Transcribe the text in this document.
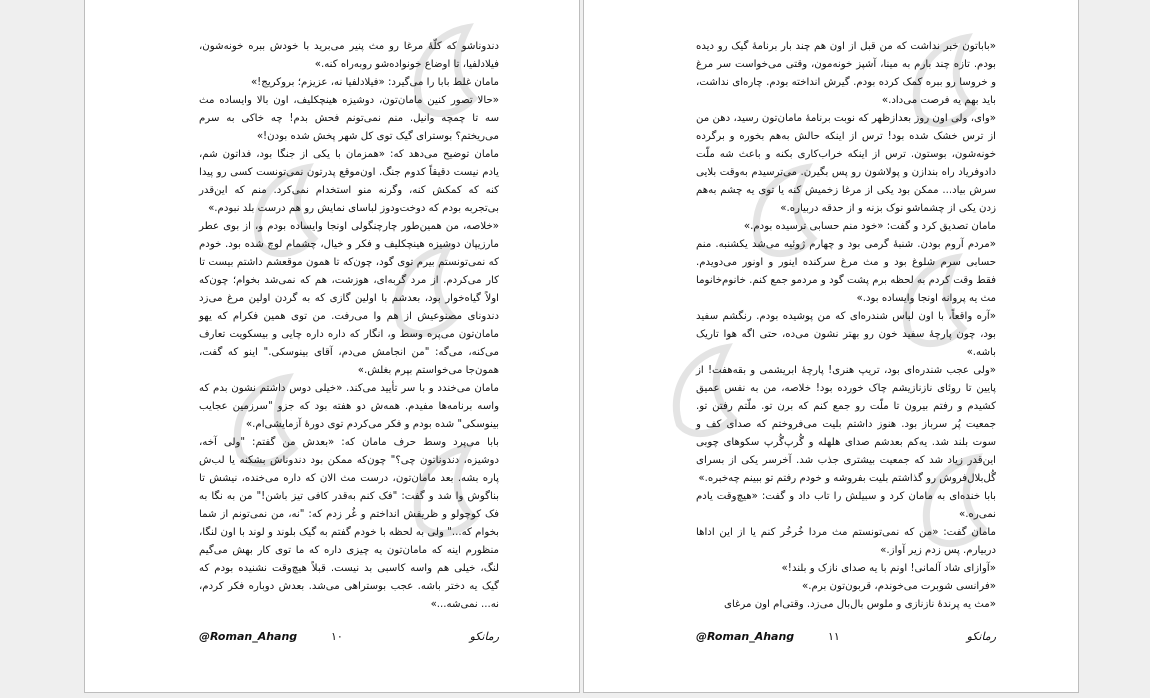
دندوناشو که کلّهٔ مرغا رو مث پنیر می‌برید با خودش ببره خونه‌شون، فیلادلفیا، تا اوضاع خونواده‌شو روبه‌راه کنه.»

مامان غلط بابا را می‌گیرد: «فیلادلفیا نه، عزیزم؛ بروکریج!»

«حالا تصور کنین مامان‌تون، دوشیزه هینچکلیف، اون بالا وایساده مث سه تا چمچه وانیل. منم نمی‌تونم فحش بدم! چه خاکی به سرم می‌ریختم؟ بوسترای گیک توی کل شهر پخش شده بودن!»

مامان توضیح می‌دهد که: «همزمان با یکی از جنگا بود، فداتون شم، یادم نیست دقیقاً کدوم جنگ. اون‌موقع پدرتون نمی‌تونست کسی رو پیدا کنه که کمکش کنه، وگرنه منو استخدام نمی‌کرد. منم که این‌قدر بی‌تجربه بودم که دوخت‌ودوز لباسای نمایش رو هم درست بلد نبودم.»

«خلاصه، من همین‌طور چارچنگولی اونجا وایساده بودم و، از بوی عطر مارزیپان دوشیزه هینچکلیف و فکر و خیال، چشمام لوچ شده بود. خودم که نمی‌تونستم بیرم توی گود، چون‌که تا همون موقعشم داشتم بیست تا کار می‌کردم. از مرد گربه‌ای، هوزشت، هم که نمی‌شد بخوام؛ چون‌که اولاً گیاه‌خوار بود، بعدشم با اولین گازی که به گردن اولین مرغ می‌زد دندونای مصنوعیش از هم وا می‌رفت. من توی همین فکرام که یهو مامان‌تون می‌پره وسط و، انگار که داره داره چایی و بیسکویت تعارف می‌کنه، می‌گه: "من انجامش می‌دم، آقای بینوسکی." اینو که گفت، همون‌جا می‌خواستم بپرم بغلش.»

مامان می‌خندد و با سر تأیید می‌کند. «خیلی دوس داشتم نشون بدم که واسه برنامه‌ها مفیدم. همه‌ش دو هفته بود که جزو "سرزمین عجایب بینوسکی" شده بودم و فکر می‌کردم توی دورهٔ آزمایشی‌ام.»

بابا می‌پرد وسط حرف مامان که: «بعدش من گفتم: "ولی آخه، دوشیزه، دندوناتون چی؟" چون‌که ممکن بود دندوناش بشکنه یا لب‌ش پاره بشه. بعد مامان‌تون، درست مث الان که داره می‌خنده، نیشش تا بناگوش وا شد و گفت: "فک کنم به‌قدر کافی تیز باشن!" من به نگا به فک کوچولو و ظریفش انداختم و غُر زدم که: "نه، من نمی‌تونم از شما بخوام که..." ولی به لحظه با خودم گفتم به گیک بلوند و لوند با اون لنگا، منظورم اینه که مامان‌تون یه چیزی داره که ما توی کار بهش می‌گیم لنگ، خیلی هم واسه کاسبی بد نیست. قبلاً هیچ‌وقت نشنیده بودم که گیک یه دختر باشه. عجب بوستراهی می‌شد. بعدش دوباره فکر کردم، نه... نمی‌شه...»

@Roman_Ahang	۱۰	رمانکو

«باباتون خبر نداشت که من قبل از اون هم چند بار برنامهٔ گیک رو دیده بودم. تازه چند بارم به مینا، آشپز خونه‌مون، وقتی می‌خواست سر مرغ و خروسا رو ببره کمک کرده بودم. گیرش انداخته بودم. چاره‌ای نداشت، باید بهم یه فرصت می‌داد.»

«وای، ولی اون روز بعدازظهر که نوبت برنامهٔ مامان‌تون رسید، دهن من از ترس خشک شده بود! ترس از اینکه حالش به‌هم بخوره و برگرده خونه‌شون، بوستون. ترس از اینکه خراب‌کاری بکنه و باعث شه ملّت دادوفریاد راه بندازن و پولاشون رو پس بگیرن. می‌ترسیدم به‌وقت بلایی سرش بیاد... ممکن بود یکی از مرغا زخمیش کنه یا توی یه چشم به‌هم زدن یکی از چشماشو نوک بزنه و از حدقه دربیاره.»

مامان تصدیق کرد و گفت: «خود منم حسابی ترسیده بودم.»

«مردم آروم بودن. شنبهٔ گرمی بود و چهارم ژوئیه می‌شد یکشنبه. منم حسابی سرم شلوغ بود و مث مرغ سرکنده اینور و اونور می‌دویدم. فقط وقت کردم به لحظه برم پشت گود و مردمو جمع کنم. خانوم‌خانوما مث یه پروانه اونجا وایساده بود.»

«آره واقعاً، با اون لباس شندره‌ای که من پوشیده بودم. رنگشم سفید بود، چون پارچهٔ سفید خون رو بهتر نشون می‌ده، حتی اگه هوا تاریک باشه.»

«ولی عجب شندره‌ای بود، تریپ هنری! پارچهٔ ابریشمی و بقه‌هفت! از پایین تا روئای نازنازیشم چاک خورده بود! خلاصه، من به نفس عمیق کشیدم و رفتم بیرون تا ملّت رو جمع کنم که برن تو. ملّتم رفتن تو. جمعیت پُر سرباز بود. هنوز داشتم بلیت می‌فروختم که صدای کف و سوت بلند شد. یه‌کم بعدشم صدای هلهله و گُرپ‌گُرپ سکوهای چوبی این‌قدر زیاد شد که جمعیت بیشتری جذب شد. آخرسر یکی از بسرای گُل‌بلال‌فروش رو گذاشتم بلیت بفروشه و خودم رفتم تو ببینم چه‌خبره.»

بابا خنده‌ای به مامان کرد و سبیلش را تاب داد و گفت: «هیچ‌وقت یادم نمی‌ره.»

مامان گفت: «من که نمی‌تونستم مث مردا خُرخُر کنم یا از این اداها دربیارم. پس زدم زیر آواز.»

«آوازای شاد آلمانی! اونم با یه صدای نازک و بلند!»

«فرانسی شوبرت می‌خوندم، قربون‌تون برم.»

«مث یه پرندهٔ نازنازی و ملوس بال‌بال می‌زد. وقتی‌ام اون مرغای

@Roman_Ahang	۱۱	رمانکو
